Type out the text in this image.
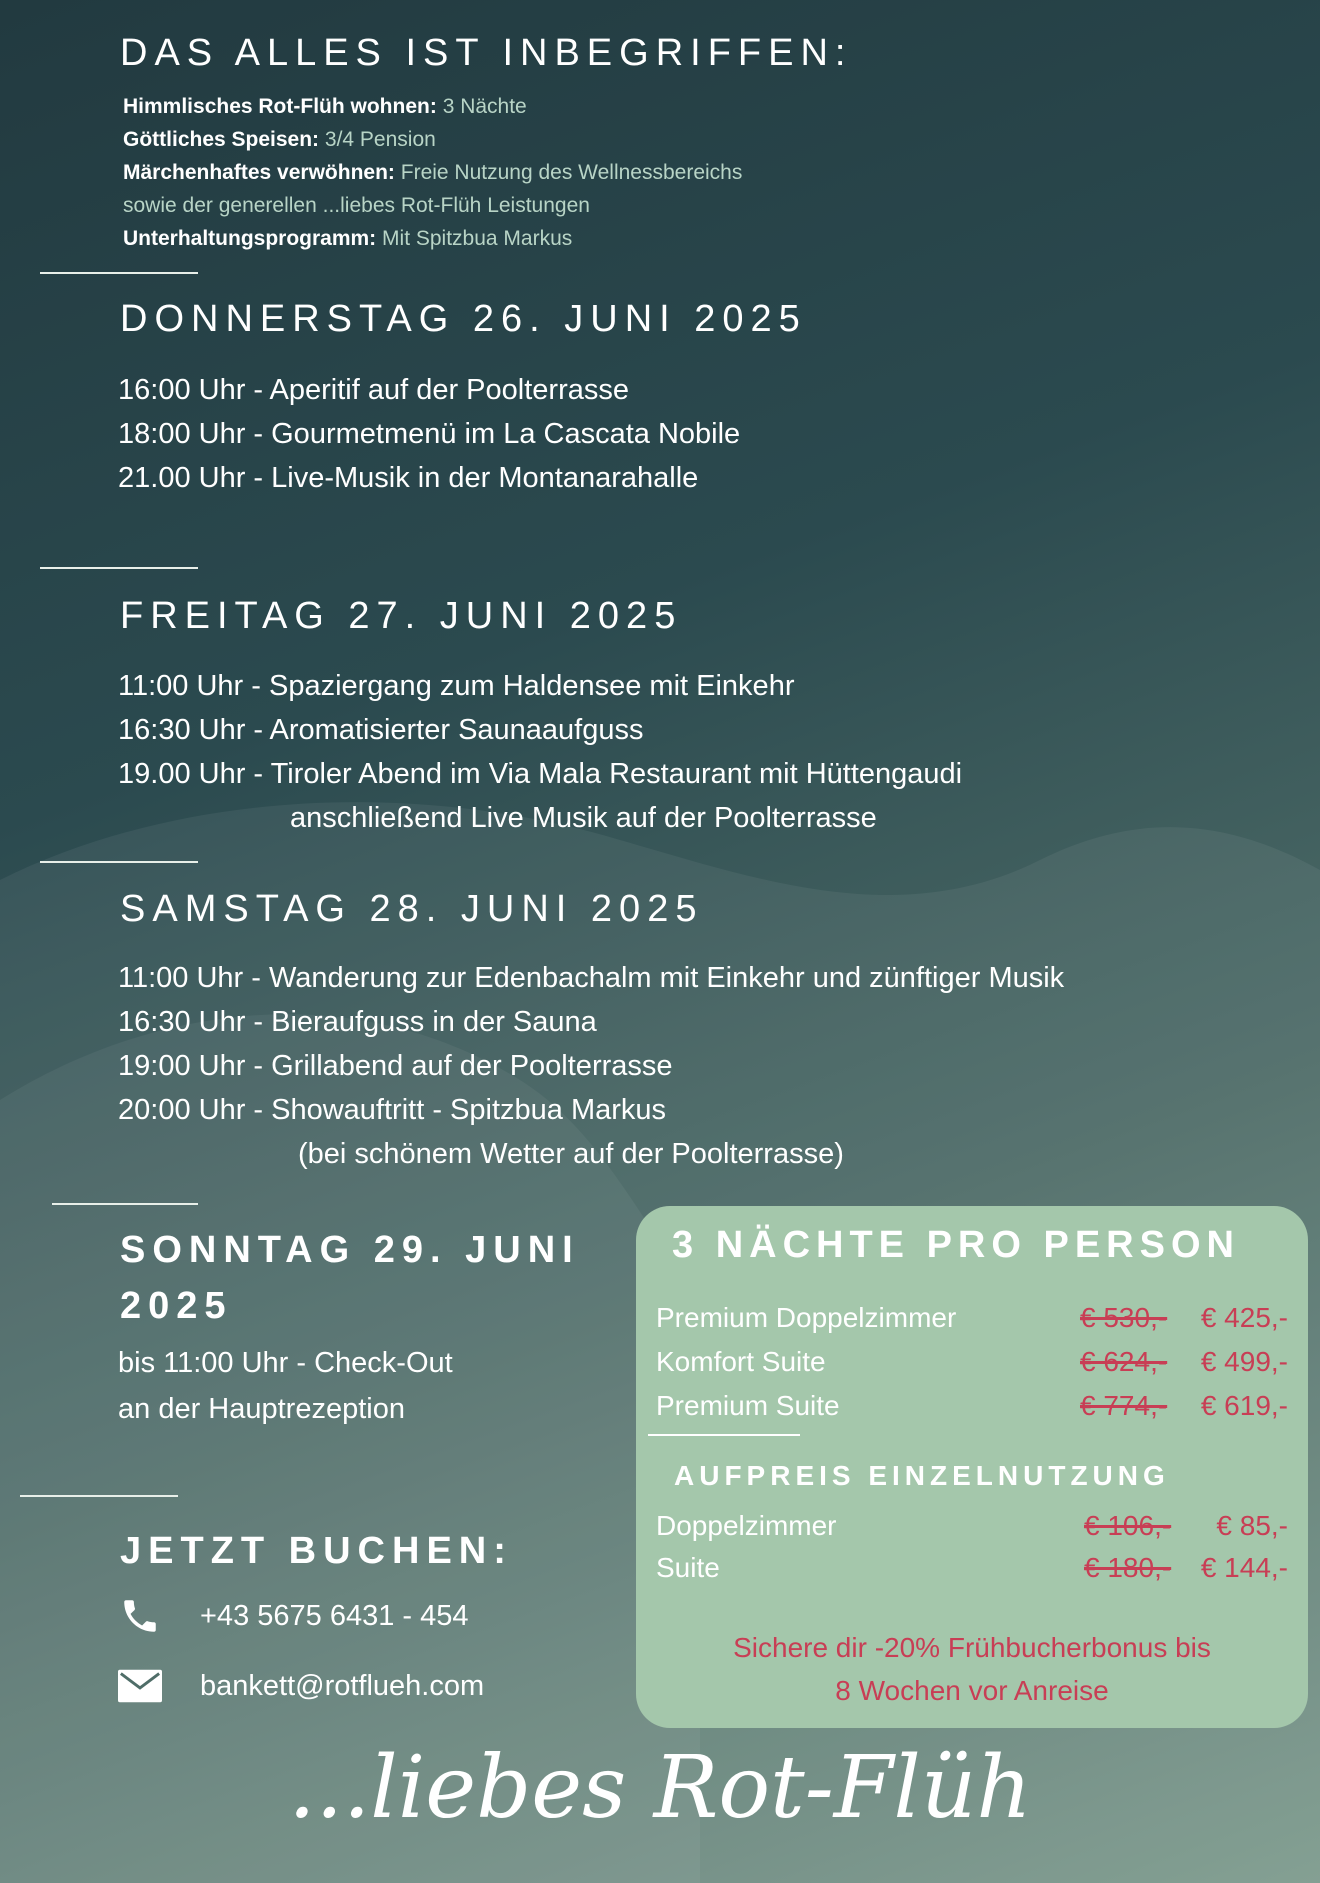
DAS ALLES IST INBEGRIFFEN:
Himmlisches Rot-Flüh wohnen: 3 Nächte
Göttliches Speisen: 3/4 Pension
Märchenhaftes verwöhnen: Freie Nutzung des Wellnessbereichs
sowie der generellen ...liebes Rot-Flüh Leistungen
Unterhaltungsprogramm: Mit Spitzbua Markus
DONNERSTAG 26. JUNI 2025
16:00 Uhr - Aperitif auf der Poolterrasse
18:00 Uhr - Gourmetmenü im La Cascata Nobile
21.00 Uhr - Live-Musik in der Montanarahalle
FREITAG 27. JUNI 2025
11:00 Uhr - Spaziergang zum Haldensee mit Einkehr
16:30 Uhr - Aromatisierter Saunaaufguss
19.00 Uhr - Tiroler Abend im Via Mala Restaurant mit Hüttengaudi
anschließend Live Musik auf der Poolterrasse
SAMSTAG 28. JUNI 2025
11:00 Uhr - Wanderung zur Edenbachalm mit Einkehr und zünftiger Musik
16:30 Uhr - Bieraufguss in der Sauna
19:00 Uhr - Grillabend auf der Poolterrasse
20:00 Uhr - Showauftritt - Spitzbua Markus
(bei schönem Wetter auf der Poolterrasse)
SONNTAG 29. JUNI
2025
bis 11:00 Uhr - Check-Out
an der Hauptrezeption
JETZT BUCHEN:
+43 5675 6431 - 454
bankett@rotflueh.com
3 NÄCHTE PRO PERSON
Premium Doppelzimmer	€ 530,- € 425,-
Komfort Suite	€ 624,- € 499,-
Premium Suite	€ 774,- € 619,-
AUFPREIS EINZELNUTZUNG
Doppelzimmer	€ 106,- € 85,-
Suite	€ 180,- € 144,-
Sichere dir -20% Frühbucherbonus bis
8 Wochen vor Anreise
...liebes Rot-Flüh
